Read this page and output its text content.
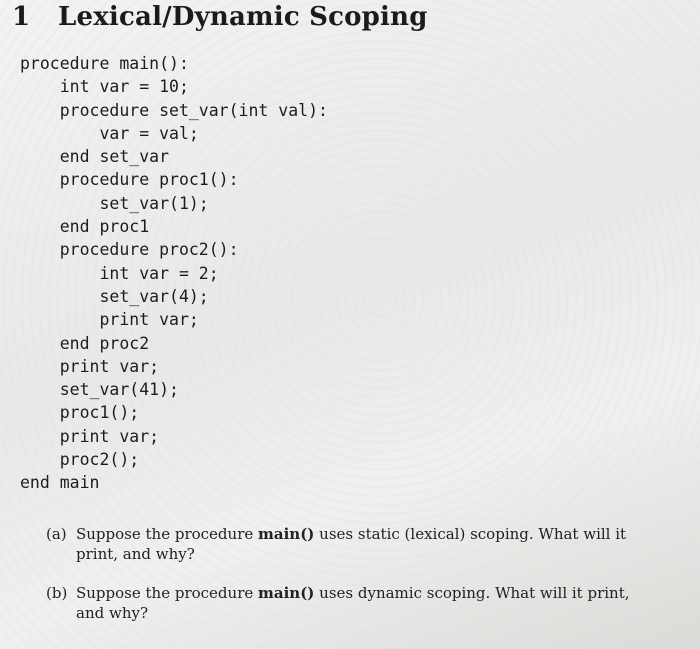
1 Lexical/Dynamic Scoping
procedure main():
int var = 10;
procedure set_var(int val):
var = val;
end set_var
procedure proc1():
set_var(1);
end proc1
procedure proc2():
int var = 2;
set_var(4);
print var;
end proc2
print var;
set_var(41);
proc1();
print var;
proc2();
end main
(a) Suppose the procedure main() uses static (lexical) scoping. What will it print, and why?
(b) Suppose the procedure main() uses dynamic scoping. What will it print, and why?
